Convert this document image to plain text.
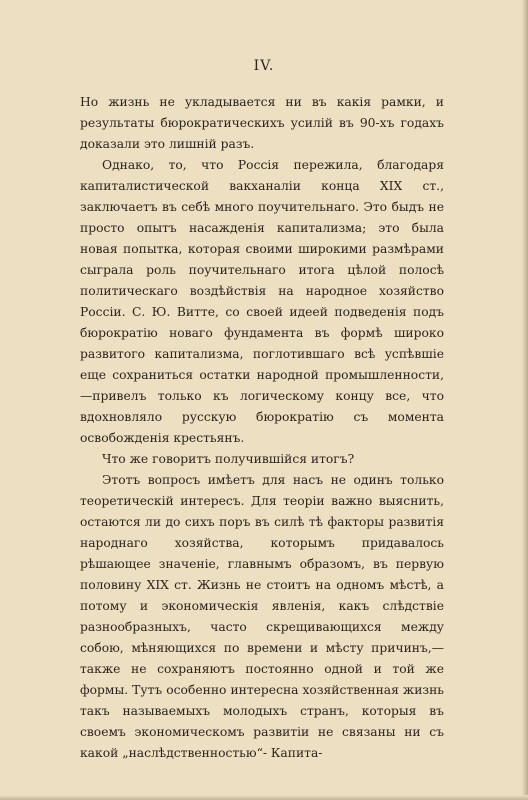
IV.

Но жизнь не укладывается ни въ какія рамки, и результаты бюрократическихъ усилій въ 90-хъ годахъ доказали это лишній разъ.

Однако, то, что Россія пережила, благодаря капиталистической вакханаліи конца XIX ст., заключаетъ въ себѣ много поучительнаго. Это быдъ не просто опытъ насажденія капитализма; это была новая попытка, которая своими широкими размѣрами сыграла роль поучительнаго итога цѣлой полосѣ политическаго воздѣйствія на народное хозяйство Россіи. С. Ю. Витте, со своей идеей подведенія подъ бюрократію новаго фундамента въ формѣ широко развитого капитализма, поглотившаго всѣ успѣвшіе еще сохраниться остатки народной промышленности,—привелъ только къ логическому концу все, что вдохновляло русскую бюрократію съ момента освобожденія крестьянъ.

Что же говоритъ получившійся итогъ?

Этотъ вопросъ имѣетъ для насъ не одинъ только теоретическій интересъ. Для теоріи важно выяснить, остаются ли до сихъ поръ въ силѣ тѣ факторы развитія народнаго хозяйства, которымъ придавалось рѣшающее значеніе, главнымъ образомъ, въ первую половину XIX ст. Жизнь не стоитъ на одномъ мѣстѣ, а потому и экономическія явленія, какъ слѣдствіе разнообразныхъ, часто скрещивающихся между собою, мѣняющихся по времени и мѣсту причинъ,—также не сохраняютъ постоянно одной и той же формы. Тутъ особенно интересна хозяйственная жизнь такъ называемыхъ молодыхъ странъ, которыя въ своемъ экономическомъ развитіи не связаны ни съ какой „наслѣдственностью“- Капита-
